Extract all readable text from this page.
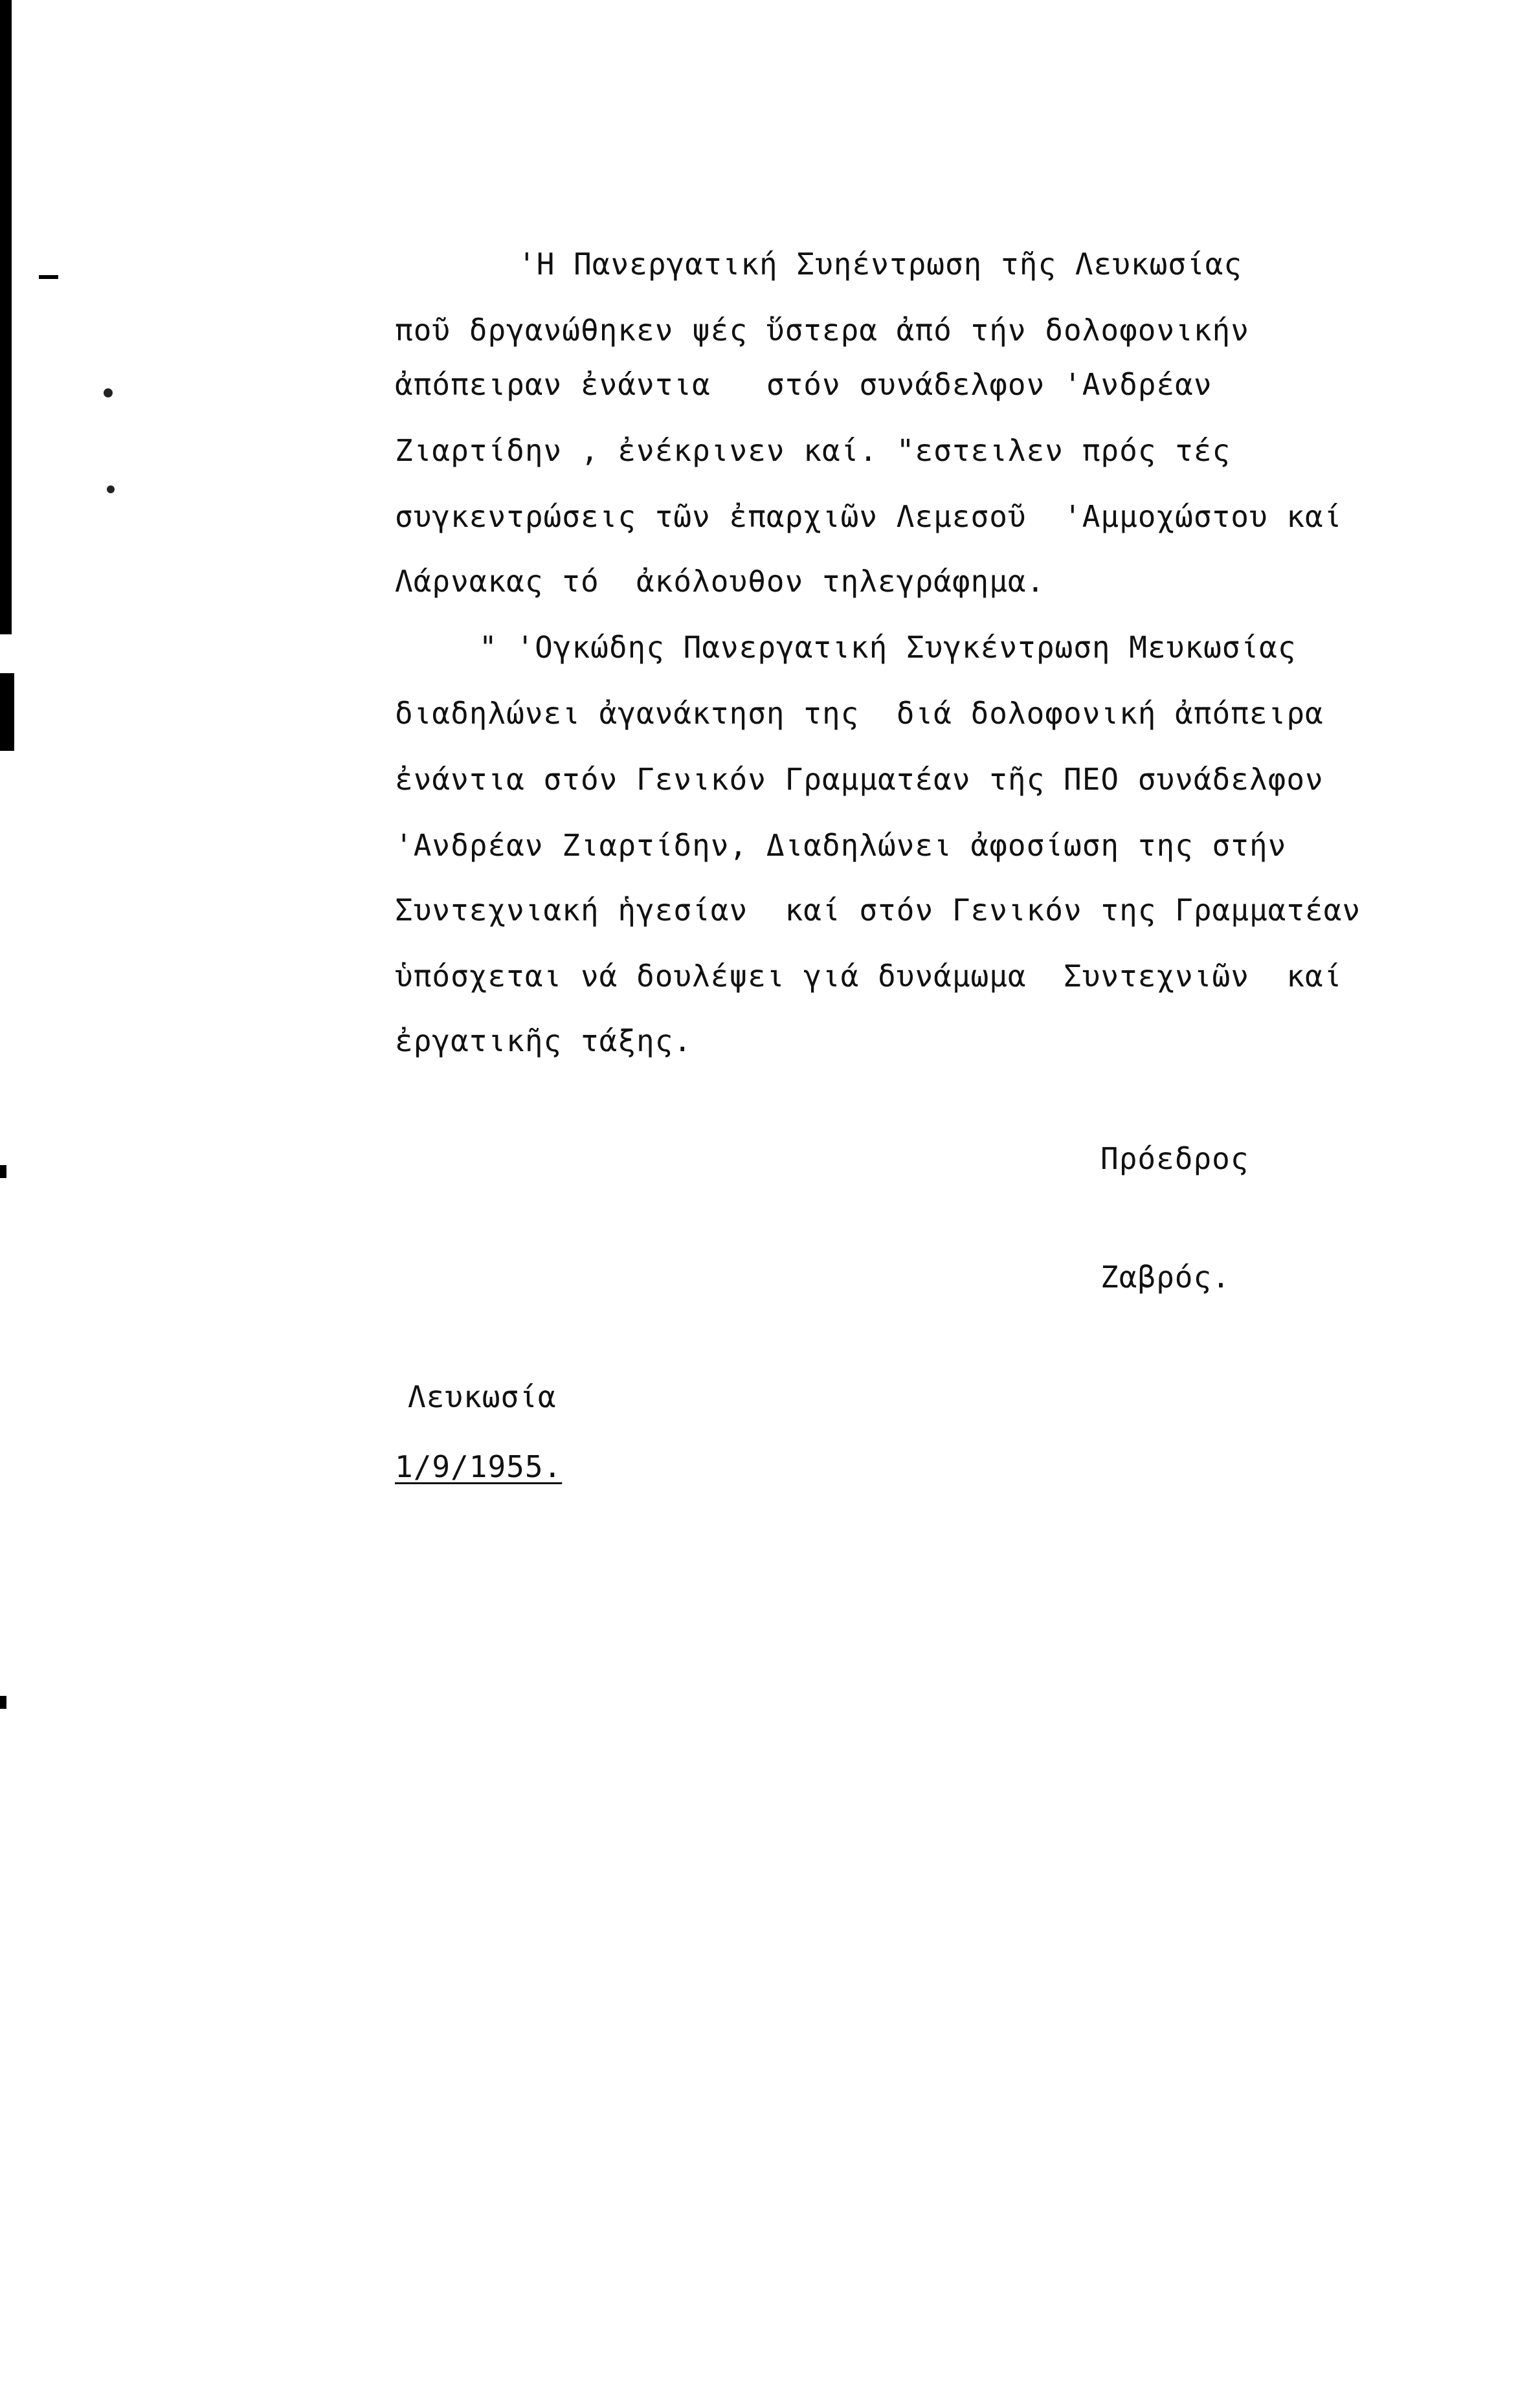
'Η Πανεργατική Συηέντρωση τῆς Λευκωσίας
ποῦ δργανώθηκεν ψές ὕστερα ἀπό τήν δολοφονικήν
ἀπόπειραν ἐνάντια   στόν συνάδελφον 'Ανδρέαν
Ζιαρτίδην , ἐνέκρινεν καί. "εστειλεν πρός τές
συγκεντρώσεις τῶν ἐπαρχιῶν Λεμεσοῦ  'Αμμοχώστου καί
Λάρνακας τό  ἀκόλουθον τηλεγράφημα.
" 'Ογκώδης Πανεργατική Συγκέντρωση Μευκωσίας
διαδηλώνει ἀγανάκτηση της  διά δολοφονική ἀπόπειρα
ἐνάντια στόν Γενικόν Γραμματέαν τῆς ΠΕΟ συνάδελφον
'Ανδρέαν Ζιαρτίδην, Διαδηλώνει ἀφοσίωση της στήν
Συντεχνιακή ἡγεσίαν  καί στόν Γενικόν της Γραμματέαν
ὑπόσχεται νά δουλέψει γιά δυνάμωμα  Συντεχνιῶν  καί
ἐργατικῆς τάξης.
Πρόεδρος
Ζαβρός.
Λευκωσία
1/9/1955.
